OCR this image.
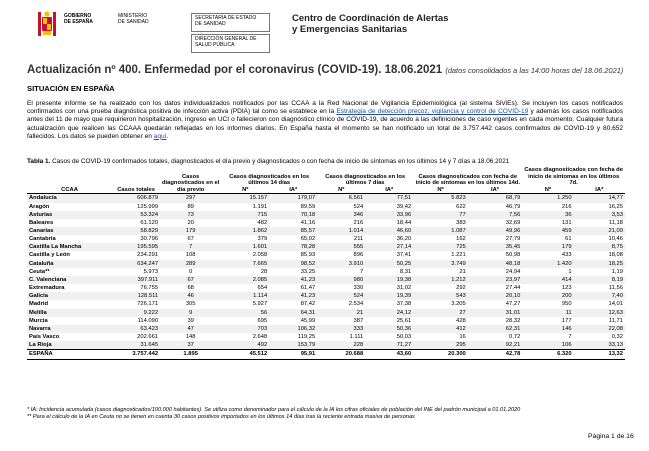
GOBIERNO
DE ESPAÑA
MINISTERIO
DE SANIDAD
SECRETARÍA DE ESTADO
DE SANIDAD
DIRECCIÓN GENERAL DE
SALUD PÚBLICA
Centro de Coordinación de Alertas
y Emergencias Sanitarias
Actualización nº 400. Enfermedad por el coronavirus (COVID-19). 18.06.2021 (datos consolidados a las 14:00 horas del 18.06.2021)
SITUACIÓN EN ESPAÑA
El presente informe se ha realizado con los datos individualizados notificados por las CCAA a la Red Nacional de Vigilancia Epidemiológica (al sistema SiViEs). Se incluyen los casos notificados confirmados con una prueba diagnóstica positiva de infección activa (PDIA) tal como se establece en la Estrategia de detección precoz, vigilancia y control de COVID-19 y además los casos notificados antes del 11 de mayo que requirieron hospitalización, ingreso en UCI o fallecieron con diagnóstico clínico de COVID-19, de acuerdo a las definiciones de caso vigentes en cada momento. Cualquier futura actualización que realicen las CCAAA quedarán reflejadas en los informes diarios. En España hasta el momento se han notificado un total de 3.757.442 casos confirmados de COVID-19 y 80.652 fallecidos. Los datos se pueden obtener en aquí.
Tabla 1. Casos de COVID-19 confirmados totales, diagnosticados el día previo y diagnosticados o con fecha de inicio de síntomas en los últimos 14 y 7 días a 18.06.2021
CCAA	Casos totales	Casos diagnosticados en el día previo	Casos diagnosticados en los últimos 14 días		Casos diagnosticados en los últimos 7 días		Casos diagnosticados con fecha de inicio de síntomas en los últimos 14d.		Casos diagnosticados con fecha de inicio de síntomas en los últimos 7d.	
			Nº	IA*	Nº	IA*	Nº	IA*	Nº	IA*
Andalucía	606.879	297	15.157	179,07	6.561	77,51	5.823	68,79	1.250	14,77
Aragón	125.999	89	1.191	89,59	524	39,42	622	46,79	216	16,25
Asturias	53.324	73	715	70,18	346	33,96	77	7,56	36	3,53
Baleares	61.120	20	482	41,16	216	18,44	383	32,69	131	11,18
Canarias	58.829	179	1.862	85,57	1.014	46,60	1.087	49,96	459	21,09
Cantabria	30.796	67	379	65,02	211	36,20	162	27,79	61	10,46
Castilla La Mancha	195.595	7	1.601	78,28	555	27,14	725	35,45	179	8,75
Castilla y León	234.291	108	2.058	85,93	896	37,41	1.221	50,98	433	18,08
Cataluña	634.247	289	7.665	98,52	3.910	50,25	3.749	48,18	1.420	18,25
Ceuta**	5.973	0	28	33,25	7	8,31	21	24,94	1	1,19
C. Valenciana	397.911	67	2.085	41,23	980	19,38	1.212	23,97	414	8,19
Extremadura	76.755	68	654	61,47	330	31,02	292	27,44	123	11,56
Galicia	128.511	46	1.114	41,23	524	19,39	543	20,10	200	7,40
Madrid	726.171	305	5.927	87,42	2.534	37,38	3.205	47,27	950	14,01
Melilla	9.222	9	56	64,31	21	24,12	27	31,01	11	12,63
Murcia	114.090	39	695	45,99	387	25,61	428	28,32	177	11,71
Navarra	63.423	47	703	106,32	333	50,36	412	62,31	146	22,08
País Vasco	202.661	148	2.648	119,25	1.111	50,03	16	0,72	7	0,32
La Rioja	31.645	37	492	153,79	228	71,27	295	92,21	106	33,13
ESPAÑA	3.757.442	1.895	45.512	95,91	20.688	43,60	20.300	42,78	6.320	13,32
* IA: Incidencia acumulada (casos diagnosticados/100.000 habitantes). Se utiliza como denominador para el cálculo de la IA los cifras oficiales de población del INE del padrón municipal a 01.01.2020
** Para el cálculo de la IA en Ceuta no se tienen en cuenta 30 casos positivos importados en los últimos 14 días tras la reciente entrada masiva de personas
Página 1 de 16
